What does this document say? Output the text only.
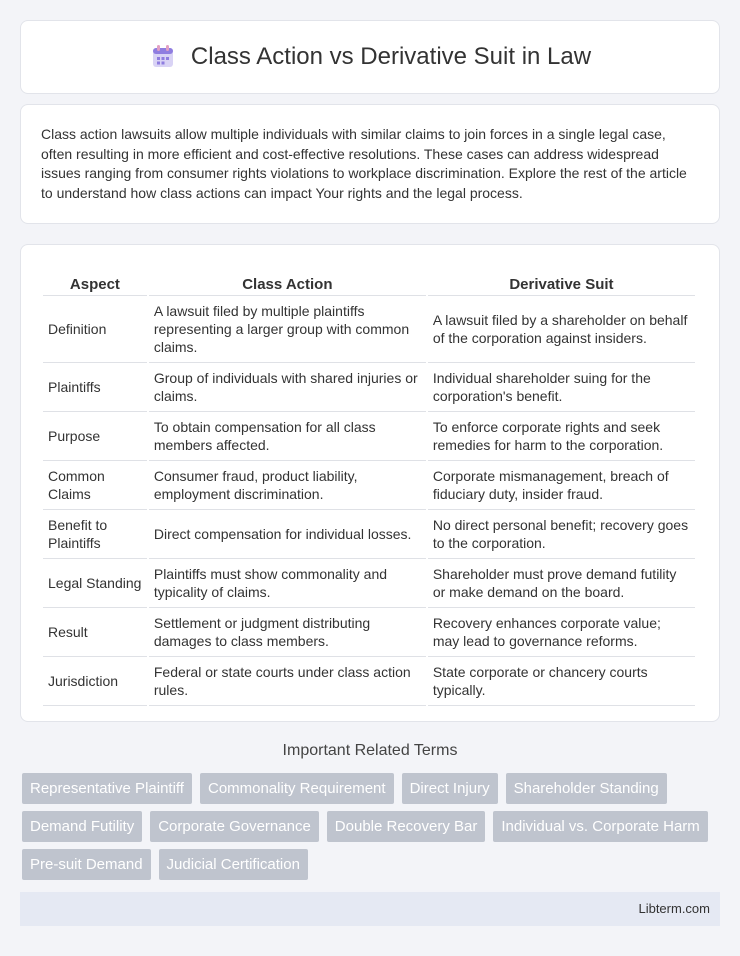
Class Action vs Derivative Suit in Law

Class action lawsuits allow multiple individuals with similar claims to join forces in a single legal case, often resulting in more efficient and cost-effective resolutions. These cases can address widespread issues ranging from consumer rights violations to workplace discrimination. Explore the rest of the article to understand how class actions can impact Your rights and the legal process.

Aspect	Class Action	Derivative Suit
Definition	A lawsuit filed by multiple plaintiffs representing a larger group with common claims.	A lawsuit filed by a shareholder on behalf of the corporation against insiders.
Plaintiffs	Group of individuals with shared injuries or claims.	Individual shareholder suing for the corporation's benefit.
Purpose	To obtain compensation for all class members affected.	To enforce corporate rights and seek remedies for harm to the corporation.
Common Claims	Consumer fraud, product liability, employment discrimination.	Corporate mismanagement, breach of fiduciary duty, insider fraud.
Benefit to Plaintiffs	Direct compensation for individual losses.	No direct personal benefit; recovery goes to the corporation.
Legal Standing	Plaintiffs must show commonality and typicality of claims.	Shareholder must prove demand futility or make demand on the board.
Result	Settlement or judgment distributing damages to class members.	Recovery enhances corporate value; may lead to governance reforms.
Jurisdiction	Federal or state courts under class action rules.	State corporate or chancery courts typically.
Important Related Terms
Representative Plaintiff	Commonality Requirement	Direct Injury	Shareholder Standing
Demand Futility	Corporate Governance	Double Recovery Bar	Individual vs. Corporate Harm
Pre-suit Demand	Judicial Certification
Libterm.com
